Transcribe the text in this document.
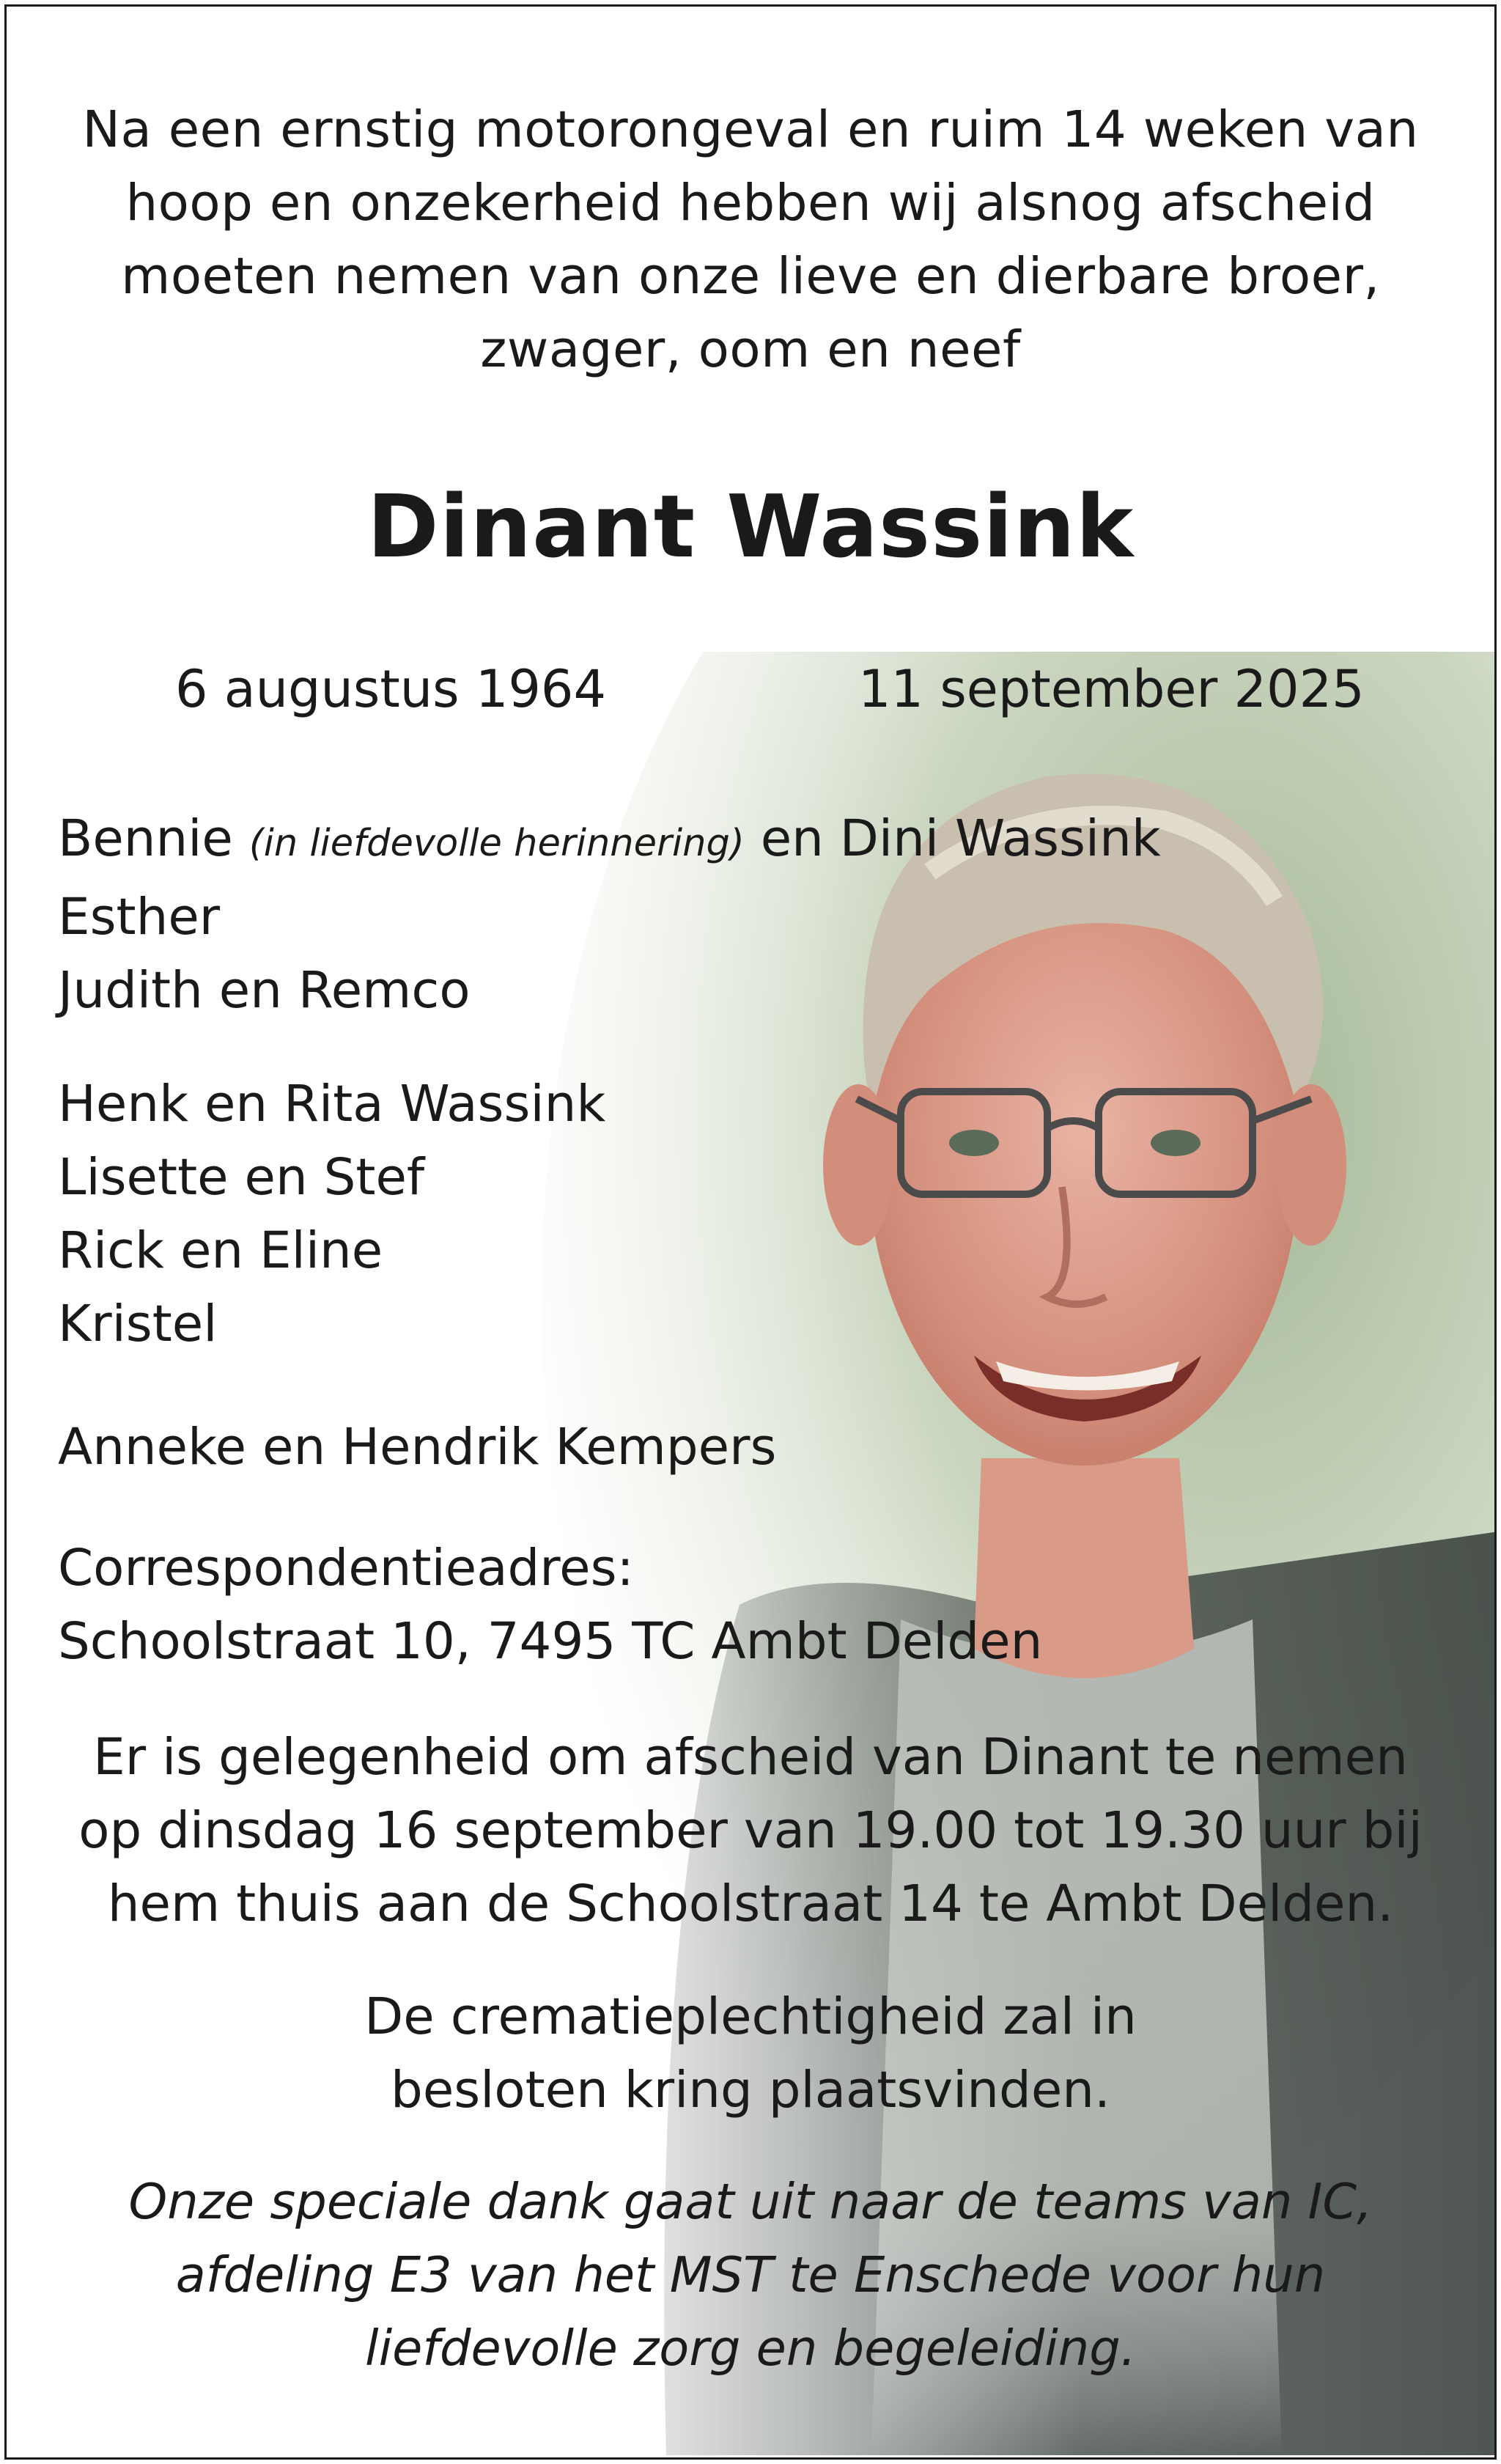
Na een ernstig motorongeval en ruim 14 weken van
hoop en onzekerheid hebben wij alsnog afscheid
moeten nemen van onze lieve en dierbare broer,
zwager, oom en neef
Dinant Wassink
6 augustus 1964	11 september 2025
Bennie (in liefdevolle herinnering) en Dini Wassink
Esther
Judith en Remco
Henk en Rita Wassink
Lisette en Stef
Rick en Eline
Kristel
Anneke en Hendrik Kempers
Correspondentieadres:
Schoolstraat 10, 7495 TC Ambt Delden
Er is gelegenheid om afscheid van Dinant te nemen
op dinsdag 16 september van 19.00 tot 19.30 uur bij
hem thuis aan de Schoolstraat 14 te Ambt Delden.
De crematieplechtigheid zal in
besloten kring plaatsvinden.
Onze speciale dank gaat uit naar de teams van IC,
afdeling E3 van het MST te Enschede voor hun
liefdevolle zorg en begeleiding.
